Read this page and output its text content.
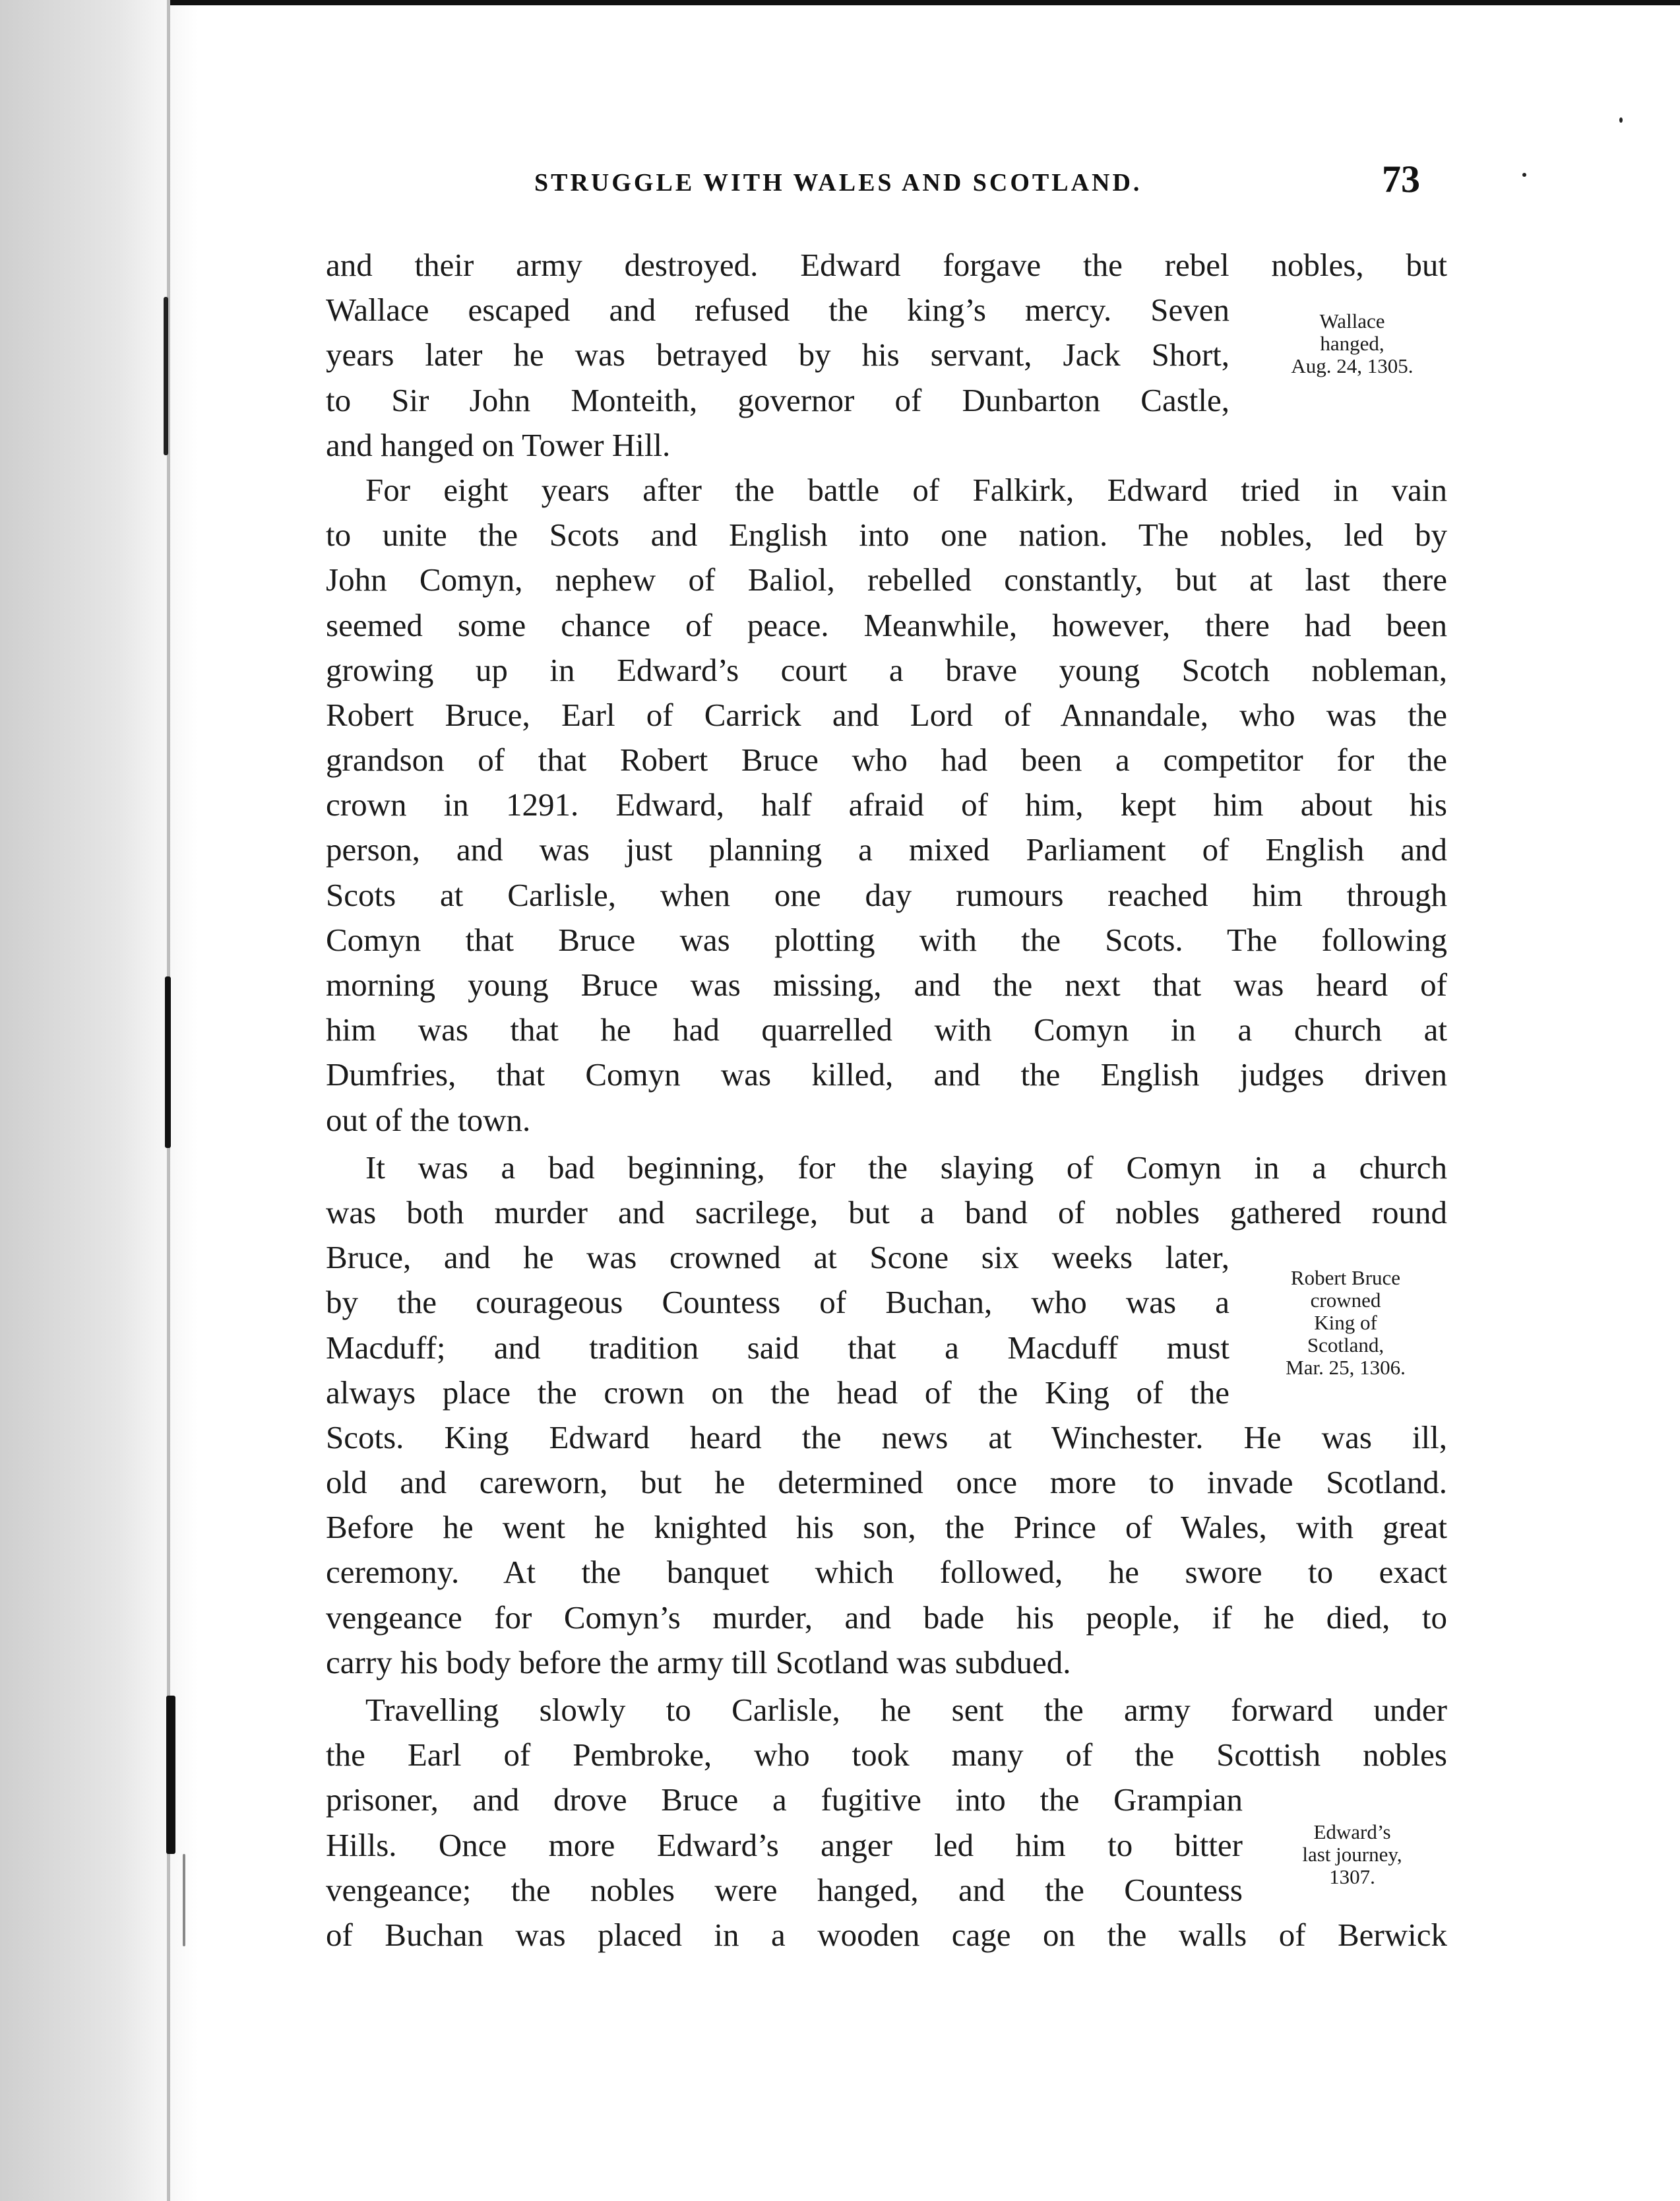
STRUGGLE WITH WALES AND SCOTLAND.	73
and their army destroyed. Edward forgave the rebel nobles, but
Wallace escaped and refused the king’s mercy. Seven
years later he was betrayed by his servant, Jack Short,
to Sir John Monteith, governor of Dunbarton Castle,
and hanged on Tower Hill.
For eight years after the battle of Falkirk, Edward tried in vain
to unite the Scots and English into one nation. The nobles, led by
John Comyn, nephew of Baliol, rebelled constantly, but at last there
seemed some chance of peace. Meanwhile, however, there had been
growing up in Edward’s court a brave young Scotch nobleman,
Robert Bruce, Earl of Carrick and Lord of Annandale, who was the
grandson of that Robert Bruce who had been a competitor for the
crown in 1291. Edward, half afraid of him, kept him about his
person, and was just planning a mixed Parliament of English and
Scots at Carlisle, when one day rumours reached him through
Comyn that Bruce was plotting with the Scots. The following
morning young Bruce was missing, and the next that was heard of
him was that he had quarrelled with Comyn in a church at
Dumfries, that Comyn was killed, and the English judges driven
out of the town.
It was a bad beginning, for the slaying of Comyn in a church
was both murder and sacrilege, but a band of nobles gathered round
Bruce, and he was crowned at Scone six weeks later,
by the courageous Countess of Buchan, who was a
Macduff; and tradition said that a Macduff must
always place the crown on the head of the King of the
Scots. King Edward heard the news at Winchester. He was ill,
old and careworn, but he determined once more to invade Scotland.
Before he went he knighted his son, the Prince of Wales, with great
ceremony. At the banquet which followed, he swore to exact
vengeance for Comyn’s murder, and bade his people, if he died, to
carry his body before the army till Scotland was subdued.
Travelling slowly to Carlisle, he sent the army forward under
the Earl of Pembroke, who took many of the Scottish nobles
prisoner, and drove Bruce a fugitive into the Grampian
Hills. Once more Edward’s anger led him to bitter
vengeance; the nobles were hanged, and the Countess
of Buchan was placed in a wooden cage on the walls of Berwick
Wallace
hanged,
Aug. 24, 1305.
Robert Bruce
crowned
King of
Scotland,
Mar. 25, 1306.
Edward’s
last journey,
1307.
